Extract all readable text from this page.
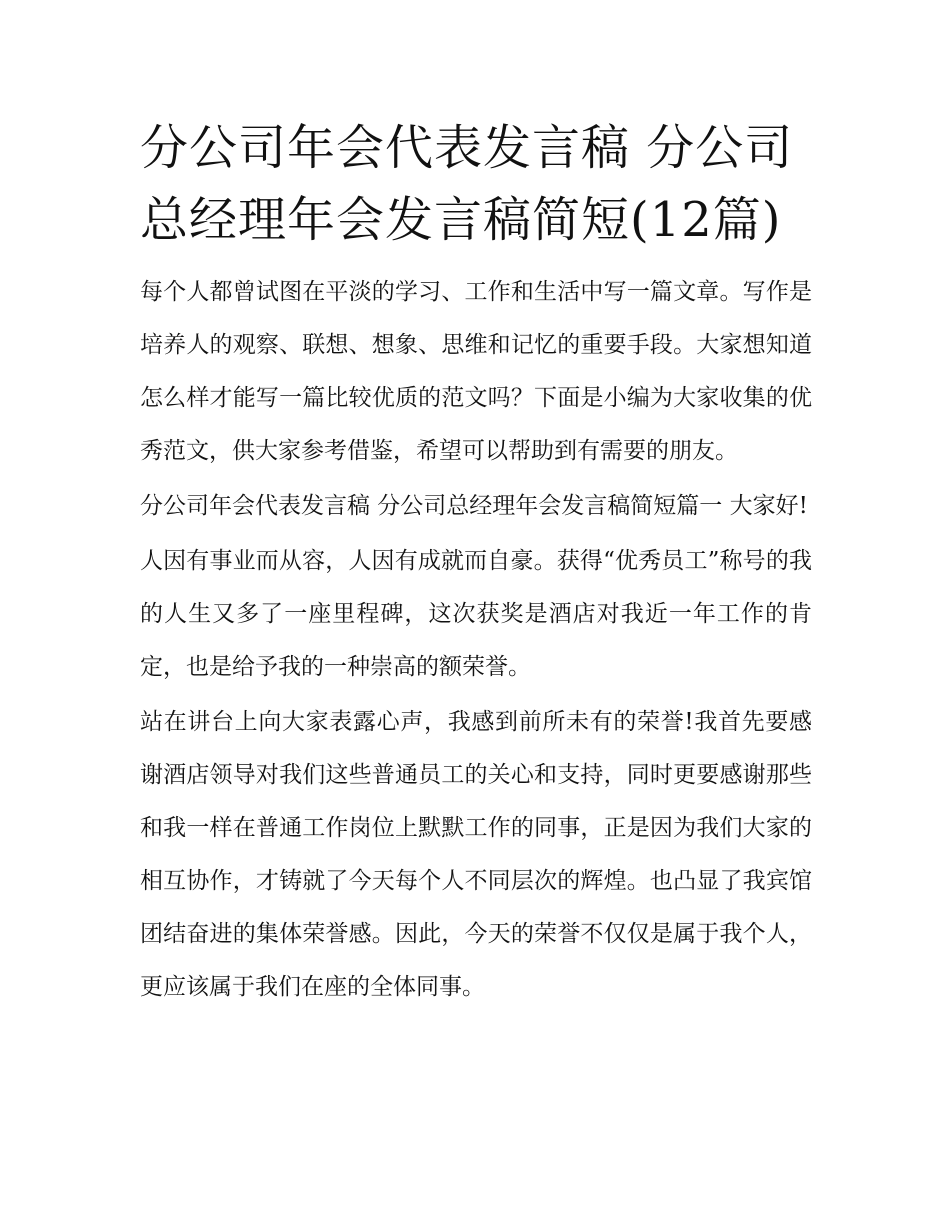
分公司年会代表发言稿 分公司总经理年会发言稿简短(12篇)

每个人都曾试图在平淡的学习、工作和生活中写一篇文章。写作是培养人的观察、联想、想象、思维和记忆的重要手段。大家想知道怎么样才能写一篇比较优质的范文吗？下面是小编为大家收集的优秀范文，供大家参考借鉴，希望可以帮助到有需要的朋友。

分公司年会代表发言稿 分公司总经理年会发言稿简短篇一 大家好!

人因有事业而从容，人因有成就而自豪。获得“优秀员工”称号的我的人生又多了一座里程碑，这次获奖是酒店对我近一年工作的肯定，也是给予我的一种崇高的额荣誉。

站在讲台上向大家表露心声，我感到前所未有的荣誉!我首先要感谢酒店领导对我们这些普通员工的关心和支持，同时更要感谢那些和我一样在普通工作岗位上默默工作的同事，正是因为我们大家的相互协作，才铸就了今天每个人不同层次的辉煌。也凸显了我宾馆团结奋进的集体荣誉感。因此，今天的荣誉不仅仅是属于我个人，更应该属于我们在座的全体同事。
